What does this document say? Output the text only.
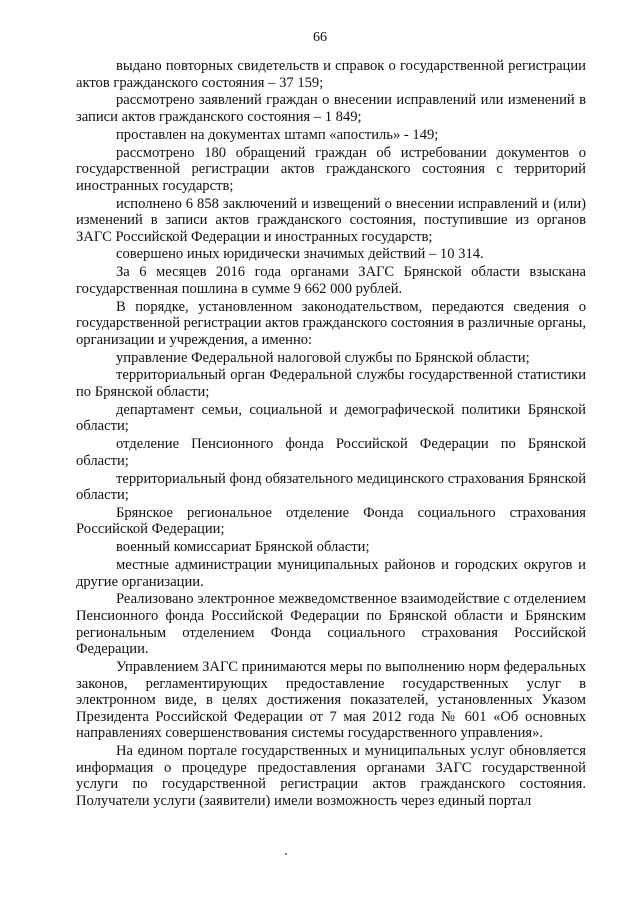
66

выдано повторных свидетельств и справок о государственной регистрации актов гражданского состояния – 37 159;

рассмотрено заявлений граждан о внесении исправлений или изменений в записи актов гражданского состояния – 1 849;

проставлен на документах штамп «апостиль» - 149;

рассмотрено 180 обращений граждан об истребовании документов о государственной регистрации актов гражданского состояния с территорий иностранных государств;

исполнено 6 858 заключений и извещений о внесении исправлений и (или) изменений в записи актов гражданского состояния, поступившие из органов ЗАГС Российской Федерации и иностранных государств;

совершено иных юридически значимых действий – 10 314.

За 6 месяцев 2016 года органами ЗАГС Брянской области взыскана государственная пошлина в сумме 9 662 000 рублей.

В порядке, установленном законодательством, передаются сведения о государственной регистрации актов гражданского состояния в различные органы, организации и учреждения, а именно:

управление Федеральной налоговой службы по Брянской области;

территориальный орган Федеральной службы государственной статистики по Брянской области;

департамент семьи, социальной и демографической политики Брянской области;

отделение Пенсионного фонда Российской Федерации по Брянской области;

территориальный фонд обязательного медицинского страхования Брянской области;

Брянское региональное отделение Фонда социального страхования Российской Федерации;

военный комиссариат Брянской области;

местные администрации муниципальных районов и городских округов и другие организации.

Реализовано электронное межведомственное взаимодействие с отделением Пенсионного фонда Российской Федерации по Брянской области и Брянским региональным отделением Фонда социального страхования Российской Федерации.

Управлением ЗАГС принимаются меры по выполнению норм федеральных законов, регламентирующих предоставление государственных услуг в электронном виде, в целях достижения показателей, установленных Указом Президента Российской Федерации от 7 мая 2012 года № 601 «Об основных направлениях совершенствования системы государственного управления».

На едином портале государственных и муниципальных услуг обновляется информация о процедуре предоставления органами ЗАГС государственной услуги по государственной регистрации актов гражданского состояния. Получатели услуги (заявители) имели возможность через единый портал
